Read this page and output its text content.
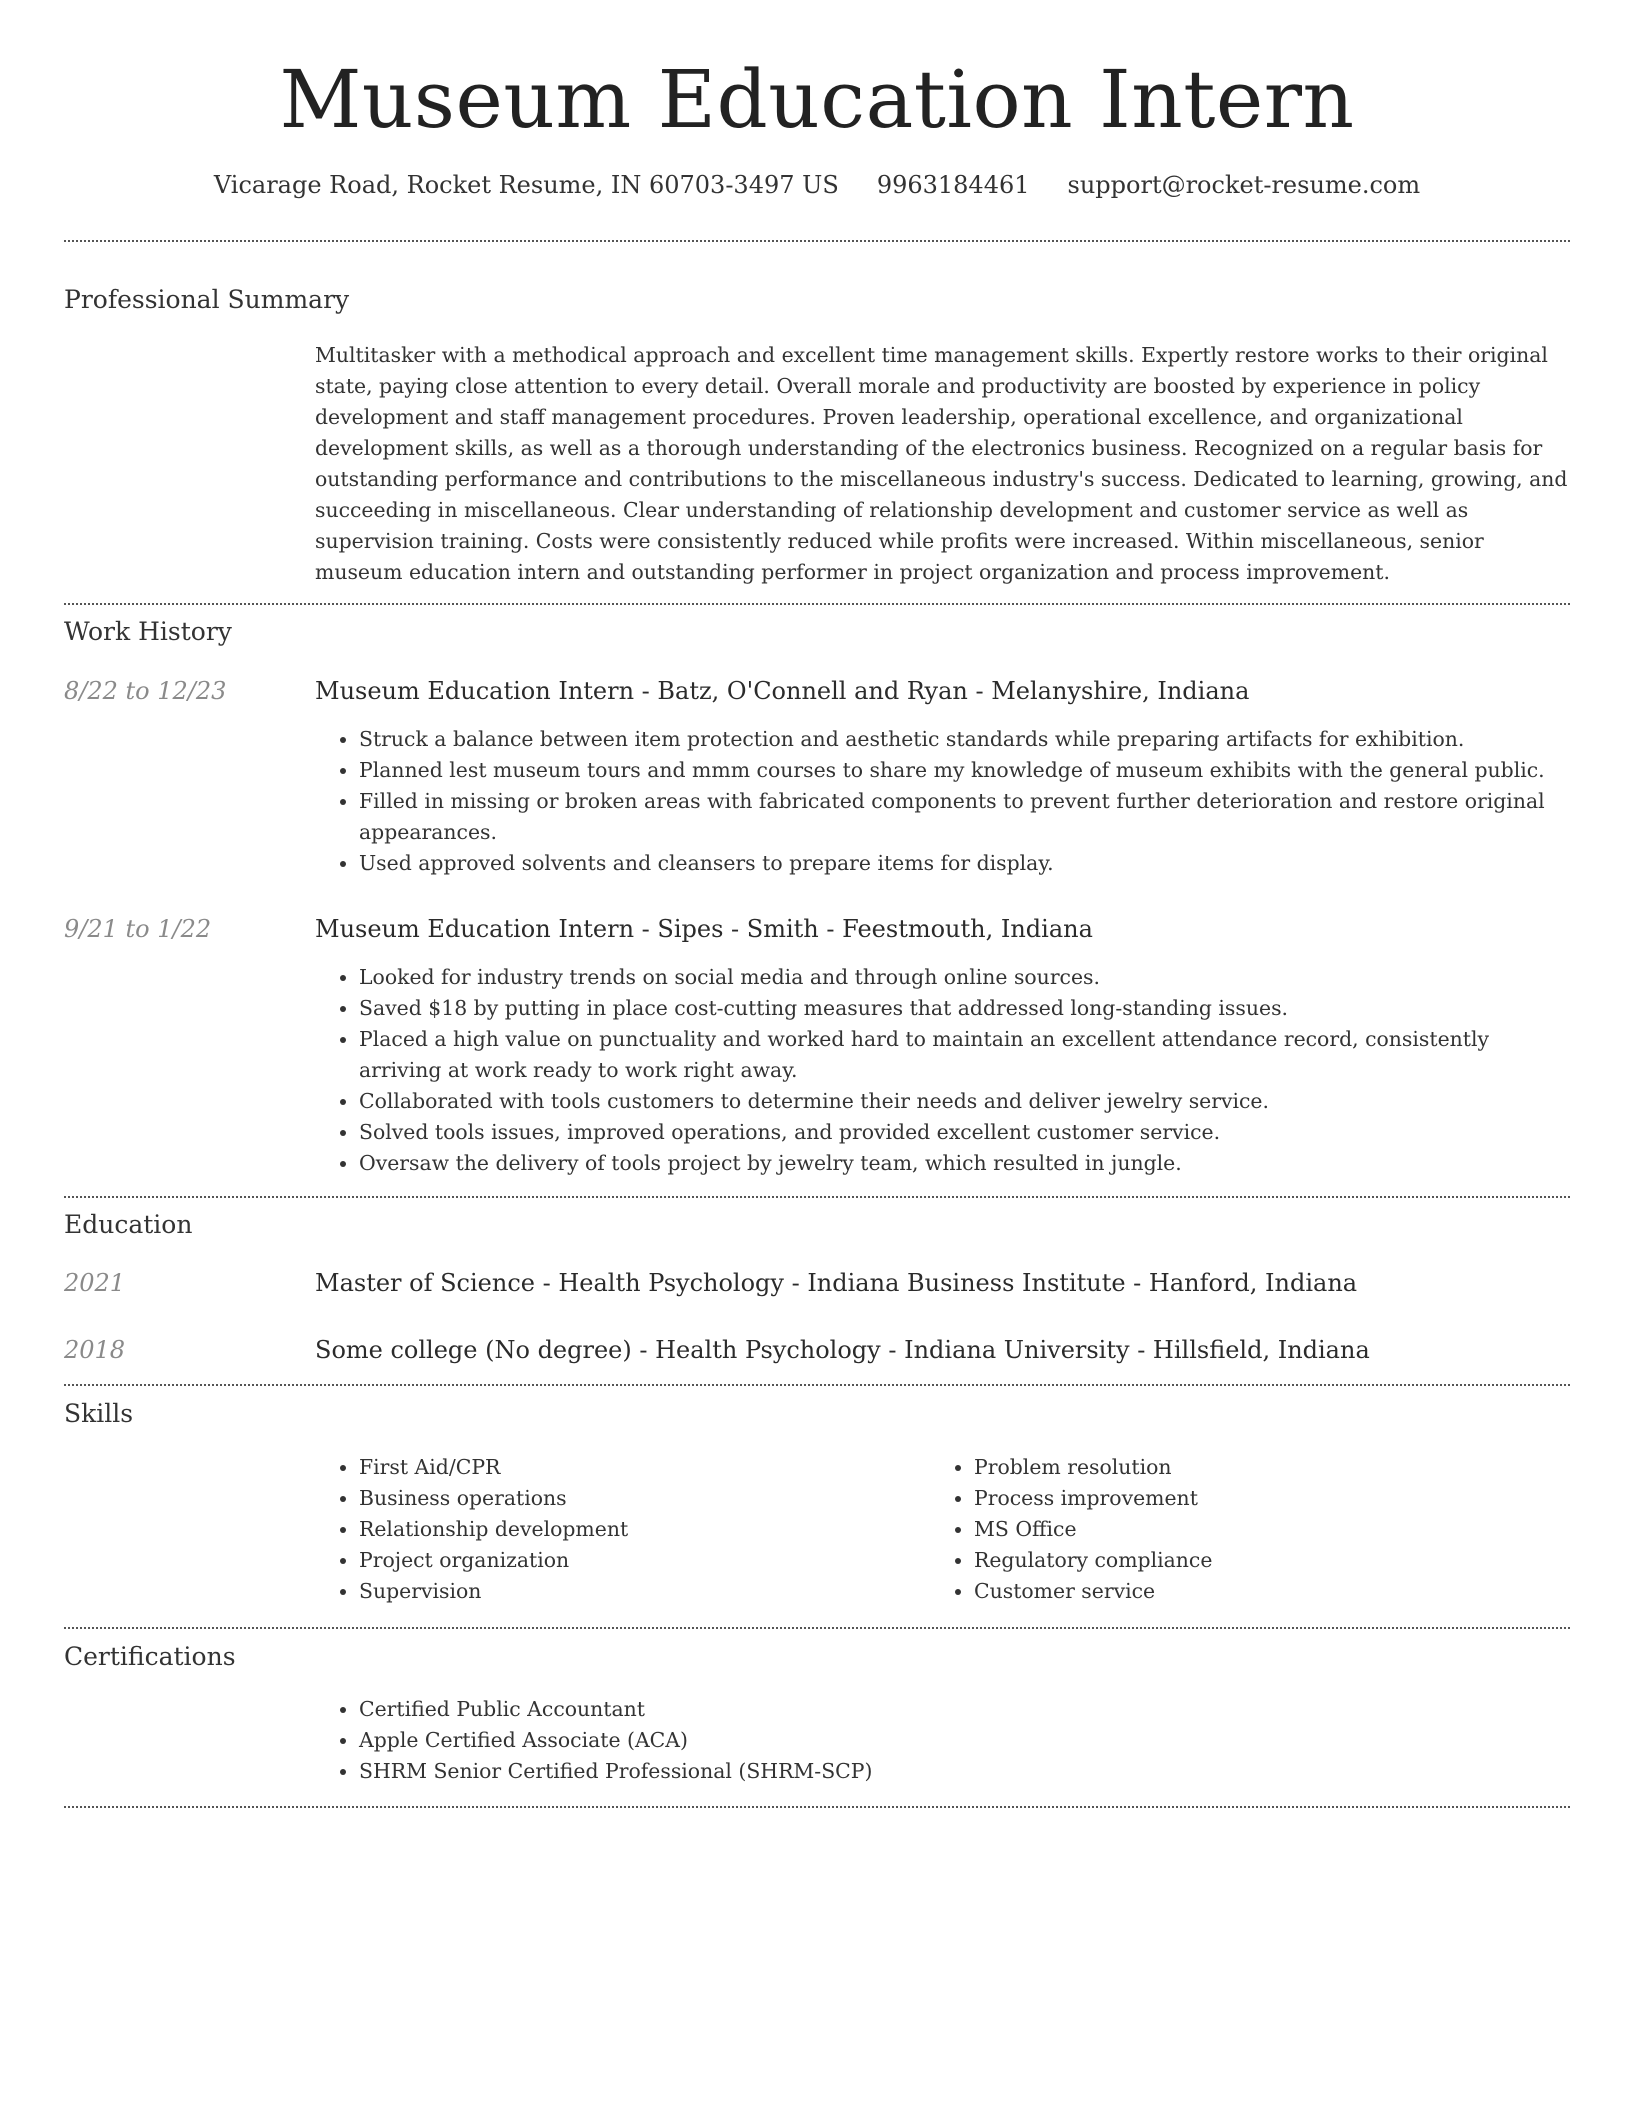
Museum Education Intern
Vicarage Road, Rocket Resume, IN 60703-3497 US 9963184461 support@rocket-resume.com
Professional Summary

Multitasker with a methodical approach and excellent time management skills. Expertly restore works to their original state, paying close attention to every detail. Overall morale and productivity are boosted by experience in policy development and staff management procedures. Proven leadership, operational excellence, and organizational development skills, as well as a thorough understanding of the electronics business. Recognized on a regular basis for outstanding performance and contributions to the miscellaneous industry's success. Dedicated to learning, growing, and succeeding in miscellaneous. Clear understanding of relationship development and customer service as well as supervision training. Costs were consistently reduced while profits were increased. Within miscellaneous, senior museum education intern and outstanding performer in project organization and process improvement.

Work History
8/22 to 12/23	Museum Education Intern - Batz, O'Connell and Ryan - Melanyshire, Indiana
• Struck a balance between item protection and aesthetic standards while preparing artifacts for exhibition.
• Planned lest museum tours and mmm courses to share my knowledge of museum exhibits with the general public.
• Filled in missing or broken areas with fabricated components to prevent further deterioration and restore original appearances.
• Used approved solvents and cleansers to prepare items for display.
9/21 to 1/22	Museum Education Intern - Sipes - Smith - Feestmouth, Indiana
• Looked for industry trends on social media and through online sources.
• Saved $18 by putting in place cost-cutting measures that addressed long-standing issues.
• Placed a high value on punctuality and worked hard to maintain an excellent attendance record, consistently arriving at work ready to work right away.
• Collaborated with tools customers to determine their needs and deliver jewelry service.
• Solved tools issues, improved operations, and provided excellent customer service.
• Oversaw the delivery of tools project by jewelry team, which resulted in jungle.
Education
2021	Master of Science - Health Psychology - Indiana Business Institute - Hanford, Indiana
2018	Some college (No degree) - Health Psychology - Indiana University - Hillsfield, Indiana
Skills
• First Aid/CPR
• Business operations
• Relationship development
• Project organization
• Supervision
• Problem resolution
• Process improvement
• MS Office
• Regulatory compliance
• Customer service
Certifications
• Certified Public Accountant
• Apple Certified Associate (ACA)
• SHRM Senior Certified Professional (SHRM-SCP)
